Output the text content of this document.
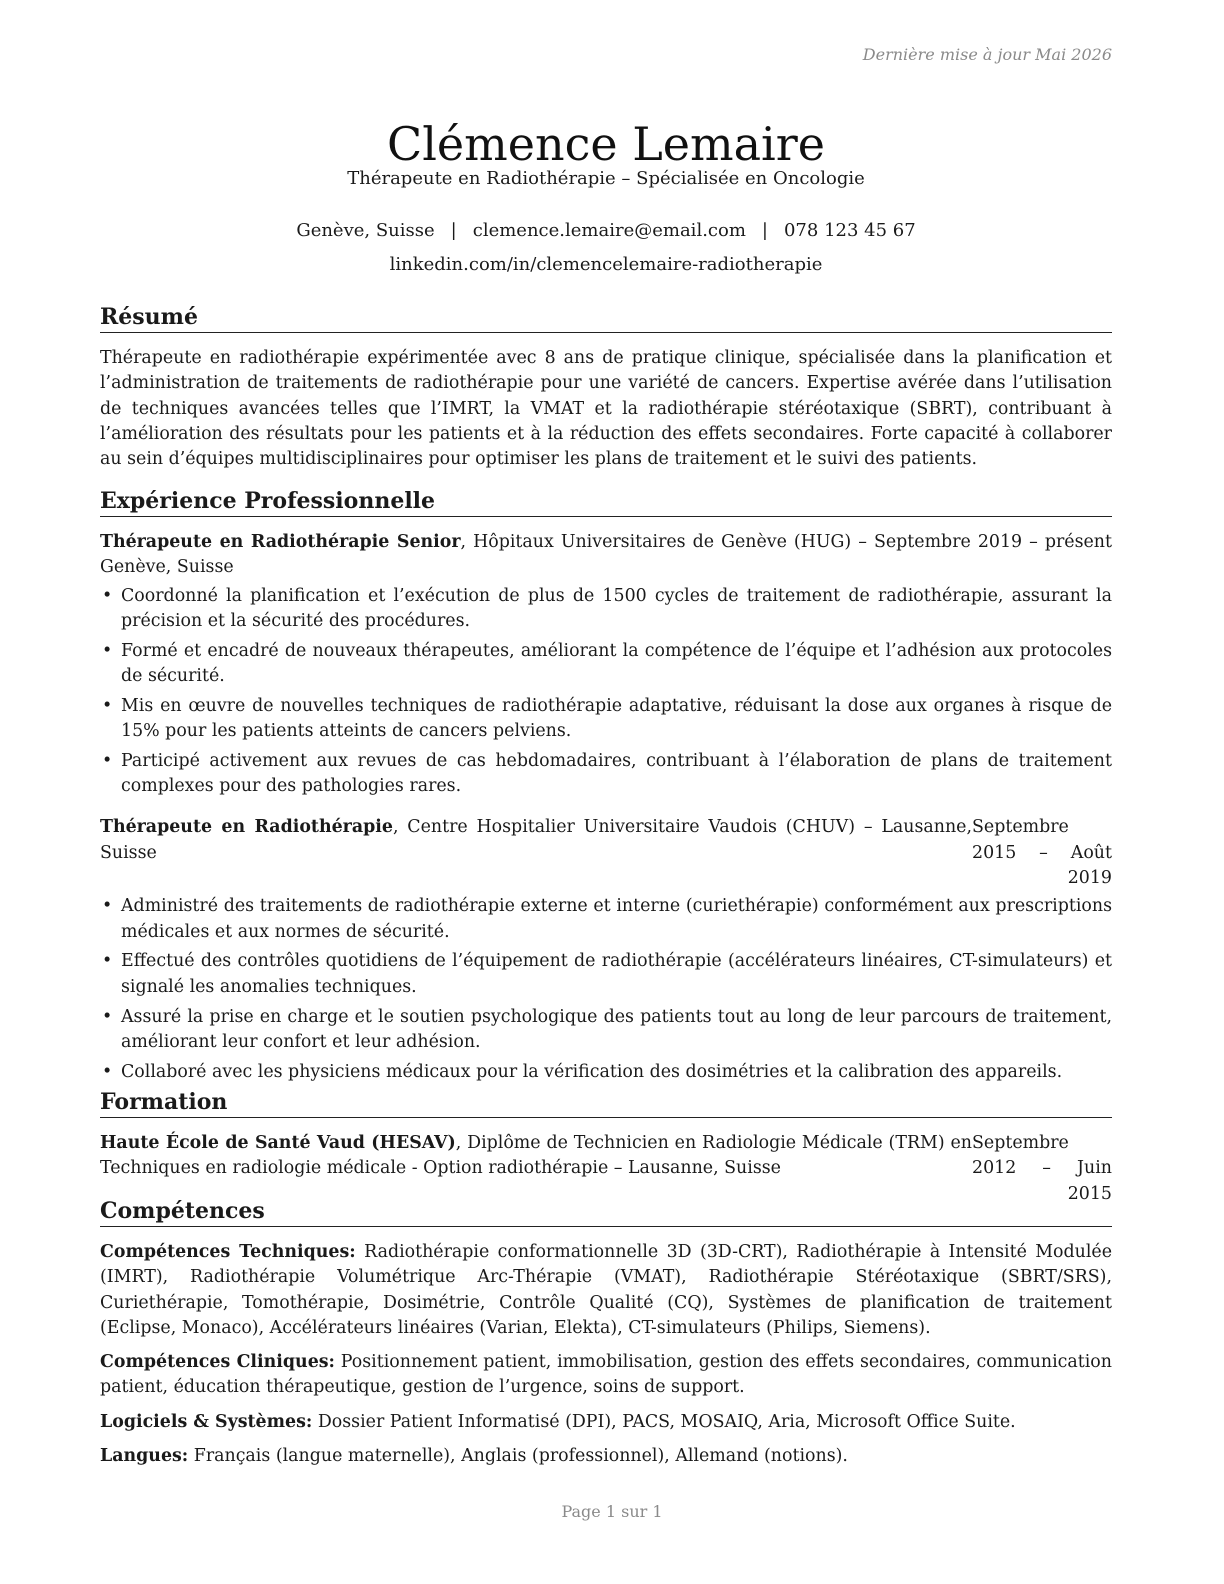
Dernière mise à jour Mai 2026
Clémence Lemaire
Thérapeute en Radiothérapie – Spécialisée en Oncologie
Genève, Suisse | clemence.lemaire@email.com | 078 123 45 67
linkedin.com/in/clemencelemaire-radiotherapie
Résumé

Thérapeute en radiothérapie expérimentée avec 8 ans de pratique clinique, spécialisée dans la planification et l’administration de traitements de radiothérapie pour une variété de cancers. Expertise avérée dans l’utilisation de techniques avancées telles que l’IMRT, la VMAT et la radiothérapie stéréotaxique (SBRT), contribuant à l’amélioration des résultats pour les patients et à la réduction des effets secondaires. Forte capacité à collaborer au sein d’équipes multidisciplinaires pour optimiser les plans de traitement et le suivi des patients.

Expérience Professionnelle
Thérapeute en Radiothérapie Senior, Hôpitaux Universitaires de Genève (HUG) – Septembre 2019 – présent
Genève, Suisse
• Coordonné la planification et l’exécution de plus de 1500 cycles de traitement de radiothérapie, assurant la précision et la sécurité des procédures.
• Formé et encadré de nouveaux thérapeutes, améliorant la compétence de l’équipe et l’adhésion aux protocoles de sécurité.
• Mis en œuvre de nouvelles techniques de radiothérapie adaptative, réduisant la dose aux organes à risque de 15% pour les patients atteints de cancers pelviens.
• Participé activement aux revues de cas hebdomadaires, contribuant à l’élaboration de plans de traitement complexes pour des pathologies rares.
Thérapeute en Radiothérapie, Centre Hospitalier Universitaire Vaudois (CHUV) – Lausanne, Suisse
Septembre 2015 – Août 2019
• Administré des traitements de radiothérapie externe et interne (curiethérapie) conformément aux prescriptions médicales et aux normes de sécurité.
• Effectué des contrôles quotidiens de l’équipement de radiothérapie (accélérateurs linéaires, CT-simulateurs) et signalé les anomalies techniques.
• Assuré la prise en charge et le soutien psychologique des patients tout au long de leur parcours de traitement, améliorant leur confort et leur adhésion.
• Collaboré avec les physiciens médicaux pour la vérification des dosimétries et la calibration des appareils.
Formation
Haute École de Santé Vaud (HESAV), Diplôme de Technicien en Radiologie Médicale (TRM) en Techniques en radiologie médicale - Option radiothérapie – Lausanne, Suisse
Septembre 2012 – Juin 2015
Compétences

Compétences Techniques: Radiothérapie conformationnelle 3D (3D-CRT), Radiothérapie à Intensité Modulée (IMRT), Radiothérapie Volumétrique Arc-Thérapie (VMAT), Radiothérapie Stéréotaxique (SBRT/SRS), Curiethérapie, Tomothérapie, Dosimétrie, Contrôle Qualité (CQ), Systèmes de planification de traitement (Eclipse, Monaco), Accélérateurs linéaires (Varian, Elekta), CT-simulateurs (Philips, Siemens).

Compétences Cliniques: Positionnement patient, immobilisation, gestion des effets secondaires, communication patient, éducation thérapeutique, gestion de l’urgence, soins de support.

Logiciels & Systèmes: Dossier Patient Informatisé (DPI), PACS, MOSAIQ, Aria, Microsoft Office Suite.

Langues: Français (langue maternelle), Anglais (professionnel), Allemand (notions).

Page 1 sur 1
